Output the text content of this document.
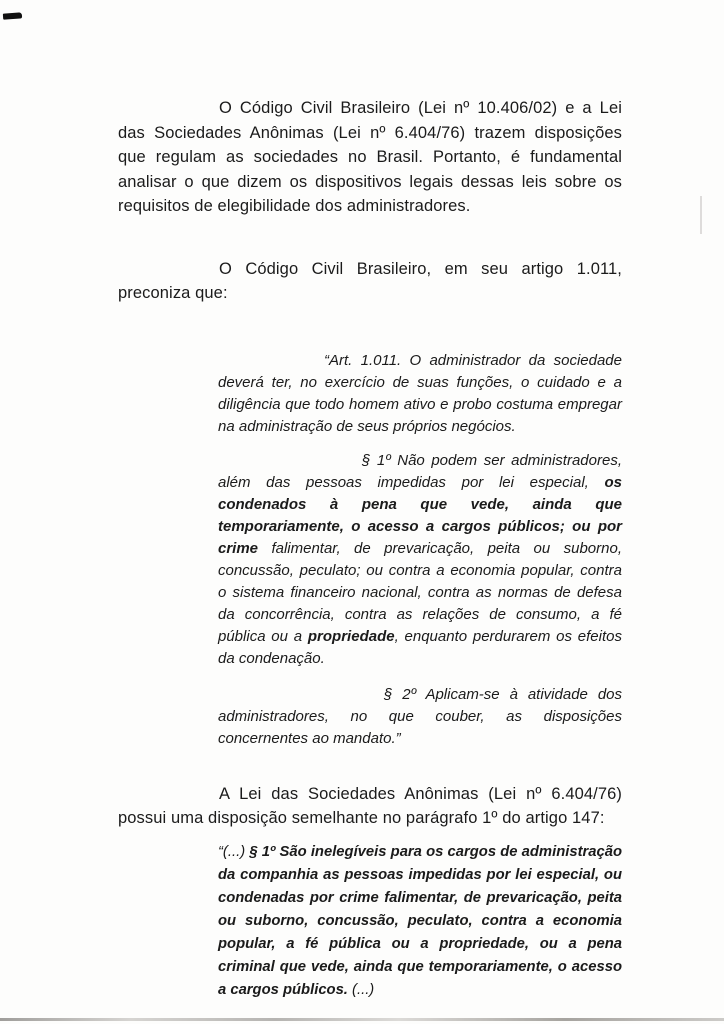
O Código Civil Brasileiro (Lei nº 10.406/02) e a Lei das Sociedades Anônimas (Lei nº 6.404/76) trazem disposições que regulam as sociedades no Brasil. Portanto, é fundamental analisar o que dizem os dispositivos legais dessas leis sobre os requisitos de elegibilidade dos administradores.

O Código Civil Brasileiro, em seu artigo 1.011, preconiza que:

“Art. 1.011. O administrador da sociedade deverá ter, no exercício de suas funções, o cuidado e a diligência que todo homem ativo e probo costuma empregar na administração de seus próprios negócios.

§ 1º Não podem ser administradores, além das pessoas impedidas por lei especial, os condenados à pena que vede, ainda que temporariamente, o acesso a cargos públicos; ou por crime falimentar, de prevaricação, peita ou suborno, concussão, peculato; ou contra a economia popular, contra o sistema financeiro nacional, contra as normas de defesa da concorrência, contra as relações de consumo, a fé pública ou a propriedade, enquanto perdurarem os efeitos da condenação.

§ 2º Aplicam-se à atividade dos administradores, no que couber, as disposições concernentes ao mandato.”

A Lei das Sociedades Anônimas (Lei nº 6.404/76) possui uma disposição semelhante no parágrafo 1º do artigo 147:

“(...) § 1º São inelegíveis para os cargos de administração da companhia as pessoas impedidas por lei especial, ou condenadas por crime falimentar, de prevaricação, peita ou suborno, concussão, peculato, contra a economia popular, a fé pública ou a propriedade, ou a pena criminal que vede, ainda que temporariamente, o acesso a cargos públicos. (...)
